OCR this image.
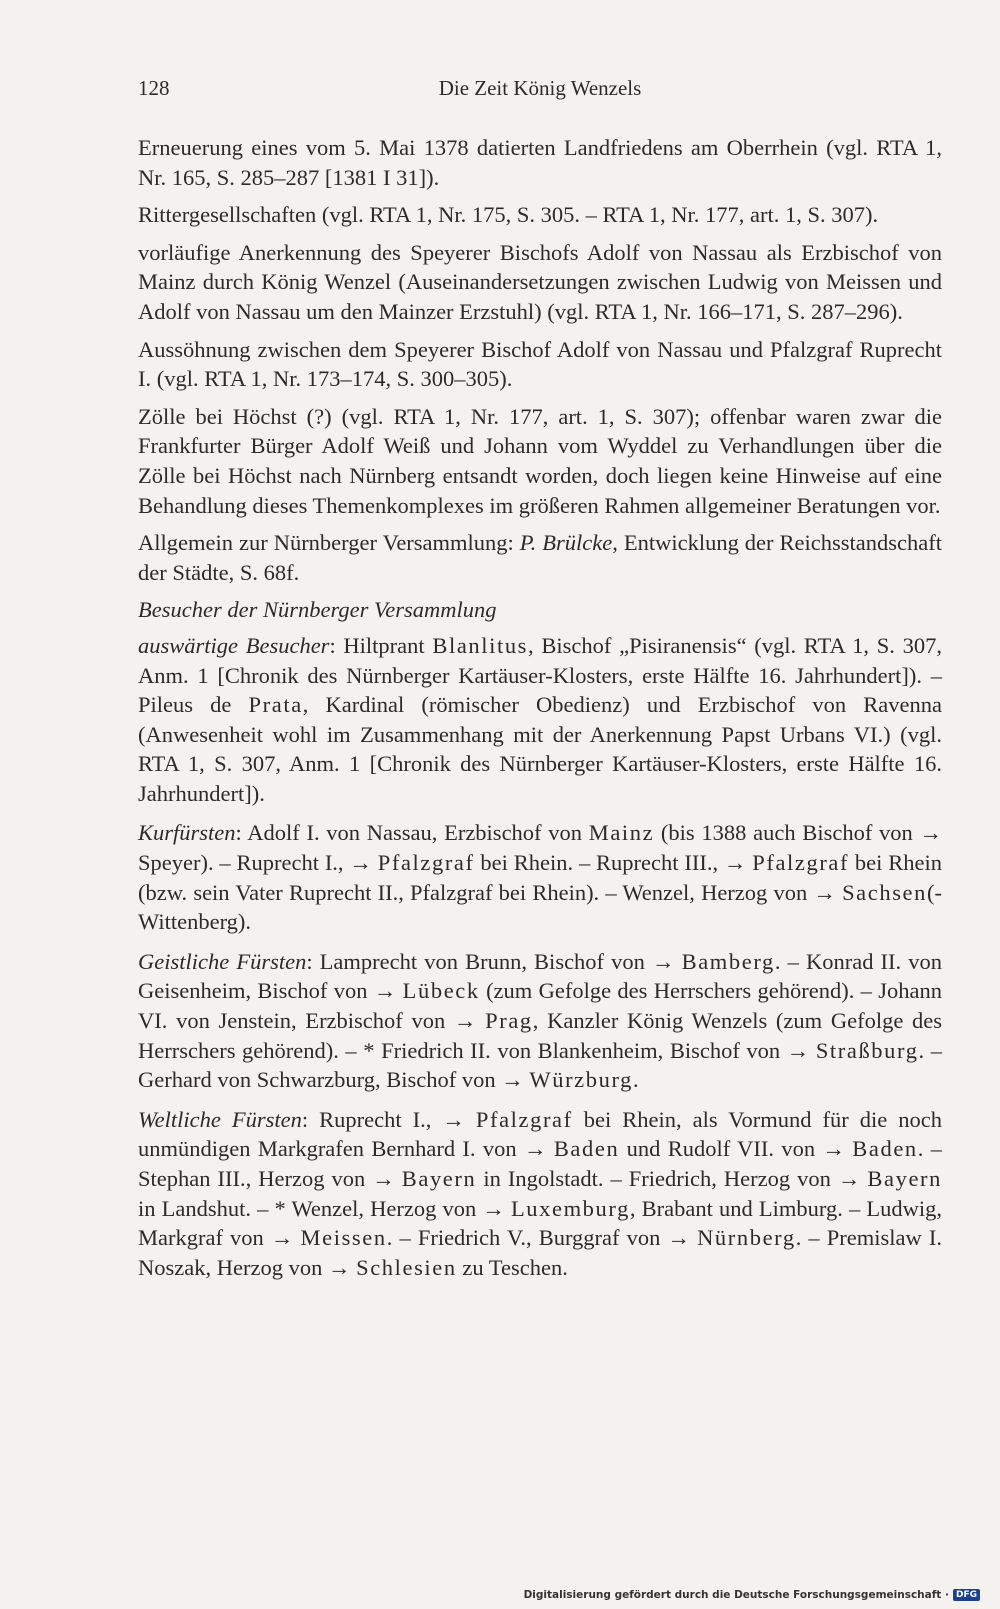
128	Die Zeit König Wenzels

Erneuerung eines vom 5. Mai 1378 datierten Landfriedens am Oberrhein (vgl. RTA 1, Nr. 165, S. 285–287 [1381 I 31]).

Rittergesellschaften (vgl. RTA 1, Nr. 175, S. 305. – RTA 1, Nr. 177, art. 1, S. 307).

vorläufige Anerkennung des Speyerer Bischofs Adolf von Nassau als Erzbischof von Mainz durch König Wenzel (Auseinandersetzungen zwischen Ludwig von Meissen und Adolf von Nassau um den Mainzer Erzstuhl) (vgl. RTA 1, Nr. 166–171, S. 287–296).

Aussöhnung zwischen dem Speyerer Bischof Adolf von Nassau und Pfalzgraf Ruprecht I. (vgl. RTA 1, Nr. 173–174, S. 300–305).

Zölle bei Höchst (?) (vgl. RTA 1, Nr. 177, art. 1, S. 307); offenbar waren zwar die Frankfurter Bürger Adolf Weiß und Johann vom Wyddel zu Verhandlungen über die Zölle bei Höchst nach Nürnberg entsandt worden, doch liegen keine Hinweise auf eine Behandlung dieses Themenkomplexes im größeren Rahmen allgemeiner Beratungen vor.

Allgemein zur Nürnberger Versammlung: P. Brülcke, Entwicklung der Reichsstandschaft der Städte, S. 68f.

Besucher der Nürnberger Versammlung

auswärtige Besucher: Hiltprant Blanlitus, Bischof „Pisiranensis“ (vgl. RTA 1, S. 307, Anm. 1 [Chronik des Nürnberger Kartäuser-Klosters, erste Hälfte 16. Jahrhundert]). – Pileus de Prata, Kardinal (römischer Obedienz) und Erzbischof von Ravenna (Anwesenheit wohl im Zusammenhang mit der Anerkennung Papst Urbans VI.) (vgl. RTA 1, S. 307, Anm. 1 [Chronik des Nürnberger Kartäuser-Klosters, erste Hälfte 16. Jahrhundert]).

Kurfürsten: Adolf I. von Nassau, Erzbischof von Mainz (bis 1388 auch Bischof von → Speyer). – Ruprecht I., → Pfalzgraf bei Rhein. – Ruprecht III., → Pfalzgraf bei Rhein (bzw. sein Vater Ruprecht II., Pfalzgraf bei Rhein). – Wenzel, Herzog von → Sachsen(-Wittenberg).

Geistliche Fürsten: Lamprecht von Brunn, Bischof von → Bamberg. – Konrad II. von Geisenheim, Bischof von → Lübeck (zum Gefolge des Herrschers gehörend). – Johann VI. von Jenstein, Erzbischof von → Prag, Kanzler König Wenzels (zum Gefolge des Herrschers gehörend). – * Friedrich II. von Blankenheim, Bischof von → Straßburg. – Gerhard von Schwarzburg, Bischof von → Würzburg.

Weltliche Fürsten: Ruprecht I., → Pfalzgraf bei Rhein, als Vormund für die noch unmündigen Markgrafen Bernhard I. von → Baden und Rudolf VII. von → Baden. – Stephan III., Herzog von → Bayern in Ingolstadt. – Friedrich, Herzog von → Bayern in Landshut. – * Wenzel, Herzog von → Luxemburg, Brabant und Limburg. – Ludwig, Markgraf von → Meissen. – Friedrich V., Burggraf von → Nürnberg. – Premislaw I. Noszak, Herzog von → Schlesien zu Teschen.

Digitalisierung gefördert durch die Deutsche Forschungsgemeinschaft · DFG
